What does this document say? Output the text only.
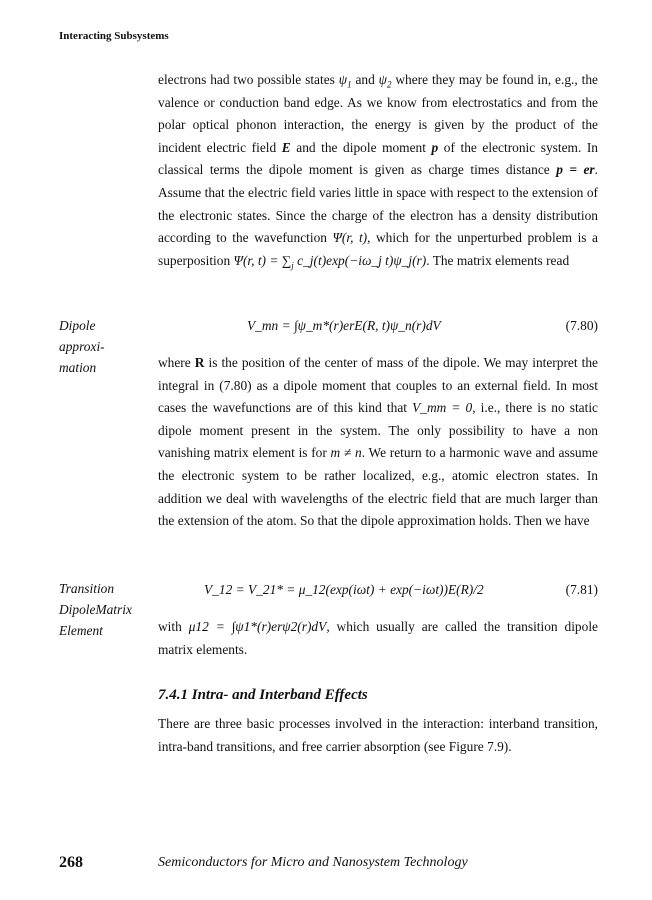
Interacting Subsystems

electrons had two possible states $\psi_1$ and $\psi_2$ where they may be found in, e.g., the valence or conduction band edge. As we know from electrostatics and from the polar optical phonon interaction, the energy is given by the product of the incident electric field E and the dipole moment p of the electronic system. In classical terms the dipole moment is given as charge times distance p = er. Assume that the electric field varies little in space with respect to the extension of the electronic states. Since the charge of the electron has a density distribution according to the wavefunction Ψ(r, t), which for the unperturbed problem is a superposition Ψ(r, $t) = \sum_j$ c_j(t)exp(−iω_j t)ψ_j(r). The matrix elements read

Dipole
approxi-
mation
V_mn = ∫ψ_m*(r)erE(R, t)ψ_n(r)dV	(7.80)

where R is the position of the center of mass of the dipole. We may interpret the integral in (7.80) as a dipole moment that couples to an external field. In most cases the wavefunctions are of this kind that V_mm = 0, i.e., there is no static dipole moment present in the system. The only possibility to have a non vanishing matrix element is for m ≠ n. We return to a harmonic wave and assume the electronic system to be rather localized, e.g., atomic electron states. In addition we deal with wavelengths of the electric field that are much larger than the extension of the atom. So that the dipole approximation holds. Then we have

Transition
DipoleMatrix
Element
V_12 = V_21* = μ_12(exp(iωt) + exp(−iωt))E(R)/2	(7.81)

with μ12 = ∫ψ1*(r)erψ2(r)dV, which usually are called the transition dipole matrix elements.

7.4.1 Intra- and Interband Effects

There are three basic processes involved in the interaction: interband transition, intra-band transitions, and free carrier absorption (see Figure 7.9).

268	Semiconductors for Micro and Nanosystem Technology
